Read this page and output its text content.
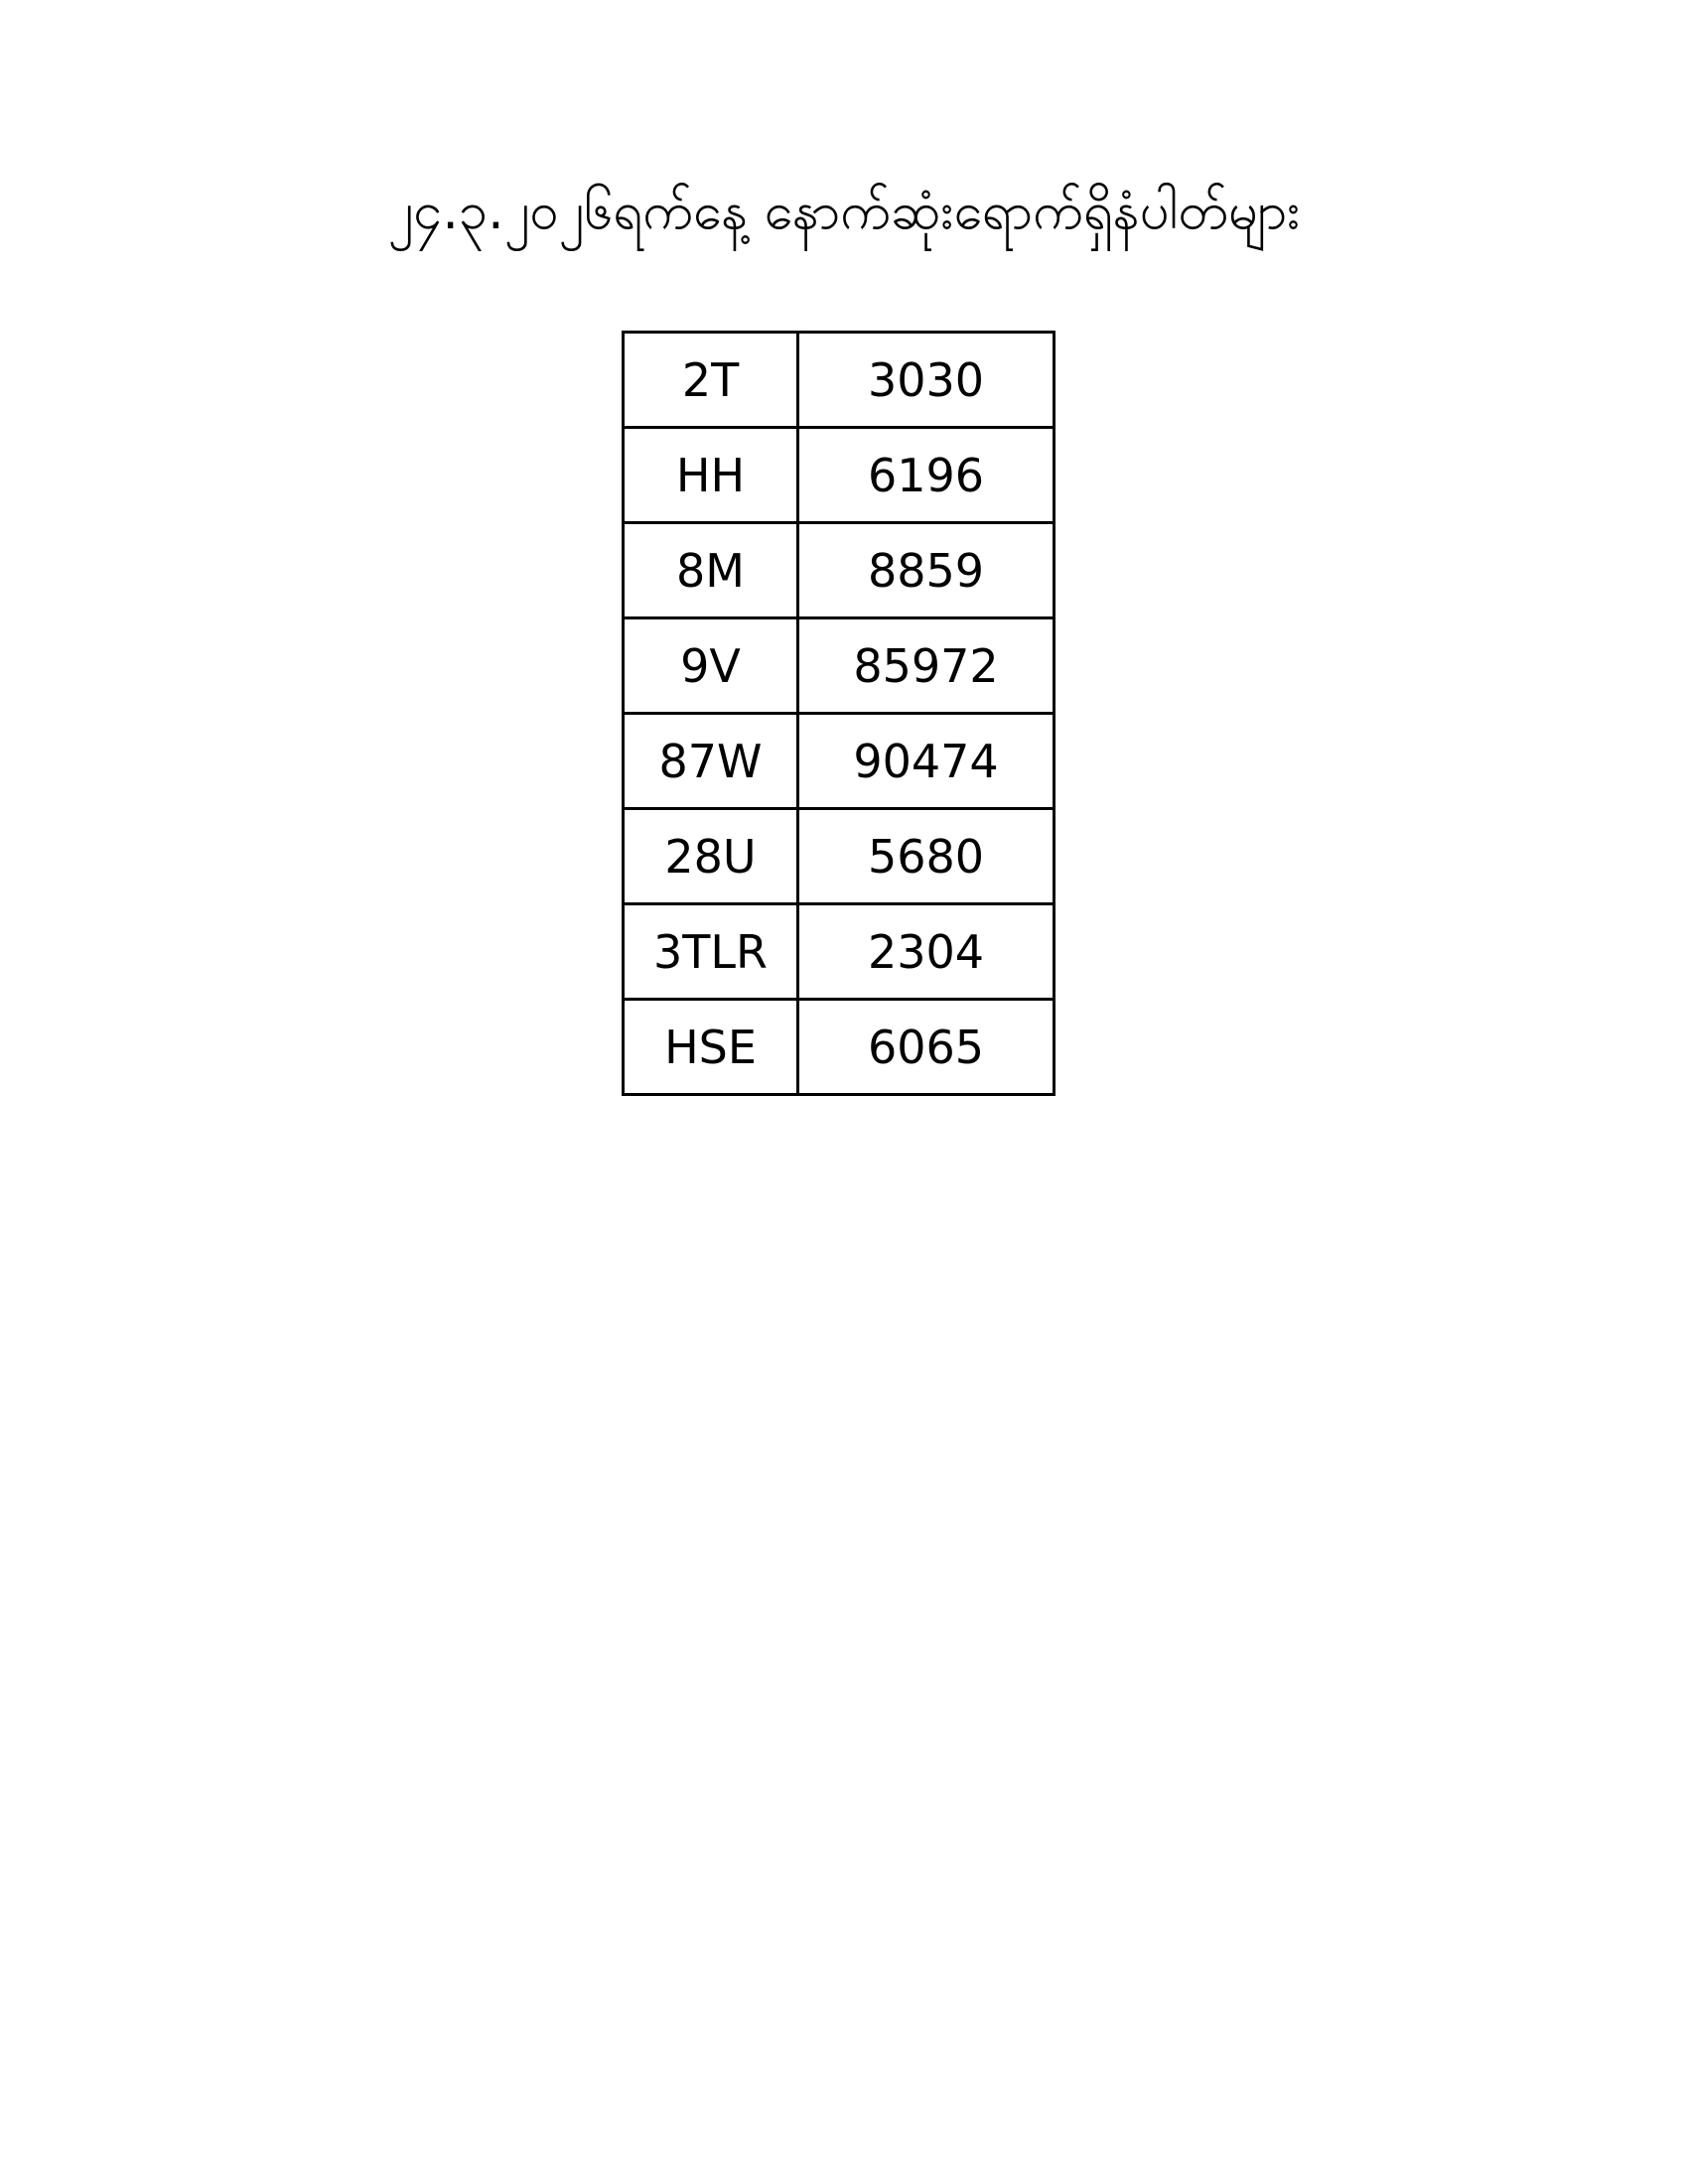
၂၄.၃.၂၀၂၆ရက်နေ့ နောက်ဆုံးရောက်ရှိနံပါတ်များ
2T	3030
HH	6196
8M	8859
9V	85972
87W	90474
28U	5680
3TLR	2304
HSE	6065
